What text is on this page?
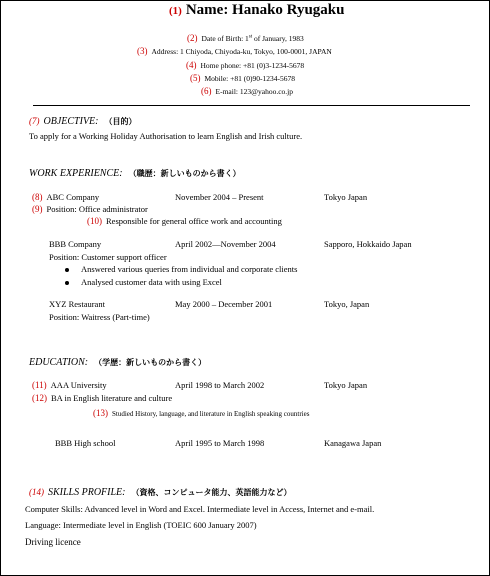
(1) Name: Hanako Ryugaku
(2) Date of Birth: 1st of January, 1983
(3) Address: 1 Chiyoda, Chiyoda-ku, Tokyo, 100-0001, JAPAN
(4) Home phone: +81 (0)3-1234-5678
(5) Mobile: +81 (0)90-1234-5678
(6) E-mail: 123@yahoo.co.jp
(7) OBJECTIVE: （目的）
To apply for a Working Holiday Authorisation to learn English and Irish culture.
WORK EXPERIENCE: （職歴：新しいものから書く）
(8) ABC Company	November 2004 – Present	Tokyo Japan
(9) Position: Office administrator
(10) Responsible for general office work and accounting
BBB Company	April 2002—November 2004	Sapporo, Hokkaido Japan
Position: Customer support officer
Answered various queries from individual and corporate clients
Analysed customer data with using Excel
XYZ Restaurant	May 2000 – December 2001	Tokyo, Japan
Position: Waitress (Part-time)
EDUCATION: （学歴：新しいものから書く）
(11) AAA University	April 1998 to March 2002	Tokyo Japan
(12) BA in English literature and culture
(13) Studied History, language, and literature in English speaking countries
BBB High school	April 1995 to March 1998	Kanagawa Japan
(14) SKILLS PROFILE: （資格、コンピュータ能力、英語能力など）
Computer Skills: Advanced level in Word and Excel. Intermediate level in Access, Internet and e-mail.
Language: Intermediate level in English (TOEIC 600 January 2007)
Driving licence
